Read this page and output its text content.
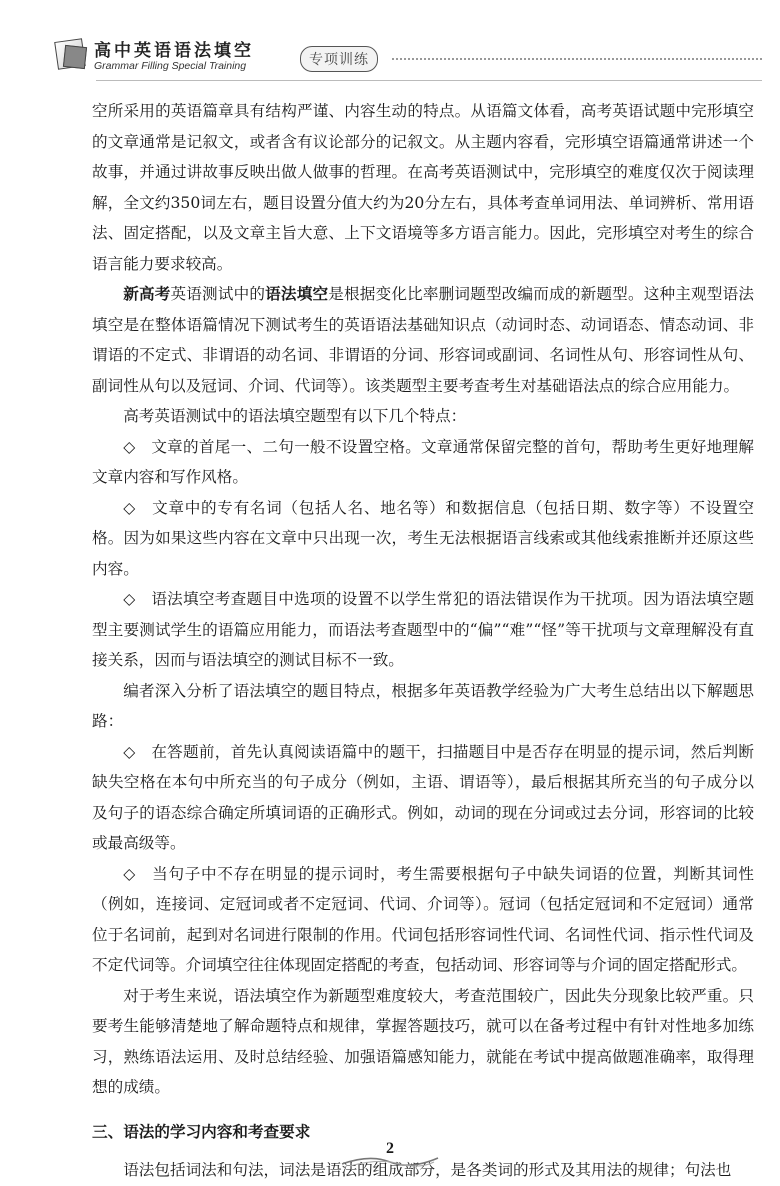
高中英语语法填空
Grammar Filling Special Training	专项训练

空所采用的英语篇章具有结构严谨、内容生动的特点。从语篇文体看，高考英语试题中完形填空的文章通常是记叙文，或者含有议论部分的记叙文。从主题内容看，完形填空语篇通常讲述一个故事，并通过讲故事反映出做人做事的哲理。在高考英语测试中，完形填空的难度仅次于阅读理解，全文约350词左右，题目设置分值大约为20分左右，具体考查单词用法、单词辨析、常用语法、固定搭配，以及文章主旨大意、上下文语境等多方语言能力。因此，完形填空对考生的综合语言能力要求较高。

新高考英语测试中的语法填空是根据变化比率删词题型改编而成的新题型。这种主观型语法填空是在整体语篇情况下测试考生的英语语法基础知识点（动词时态、动词语态、情态动词、非谓语的不定式、非谓语的动名词、非谓语的分词、形容词或副词、名词性从句、形容词性从句、副词性从句以及冠词、介词、代词等）。该类题型主要考查考生对基础语法点的综合应用能力。

高考英语测试中的语法填空题型有以下几个特点：

◇　文章的首尾一、二句一般不设置空格。文章通常保留完整的首句，帮助考生更好地理解文章内容和写作风格。

◇　文章中的专有名词（包括人名、地名等）和数据信息（包括日期、数字等）不设置空格。因为如果这些内容在文章中只出现一次，考生无法根据语言线索或其他线索推断并还原这些内容。

◇　语法填空考查题目中选项的设置不以学生常犯的语法错误作为干扰项。因为语法填空题型主要测试学生的语篇应用能力，而语法考查题型中的“偏”“难”“怪”等干扰项与文章理解没有直接关系，因而与语法填空的测试目标不一致。

编者深入分析了语法填空的题目特点，根据多年英语教学经验为广大考生总结出以下解题思路：

◇　在答题前，首先认真阅读语篇中的题干，扫描题目中是否存在明显的提示词，然后判断缺失空格在本句中所充当的句子成分（例如，主语、谓语等），最后根据其所充当的句子成分以及句子的语态综合确定所填词语的正确形式。例如，动词的现在分词或过去分词，形容词的比较或最高级等。

◇　当句子中不存在明显的提示词时，考生需要根据句子中缺失词语的位置，判断其词性（例如，连接词、定冠词或者不定冠词、代词、介词等）。冠词（包括定冠词和不定冠词）通常位于名词前，起到对名词进行限制的作用。代词包括形容词性代词、名词性代词、指示性代词及不定代词等。介词填空往往体现固定搭配的考查，包括动词、形容词等与介词的固定搭配形式。

对于考生来说，语法填空作为新题型难度较大，考查范围较广，因此失分现象比较严重。只要考生能够清楚地了解命题特点和规律，掌握答题技巧，就可以在备考过程中有针对性地多加练习，熟练语法运用、及时总结经验、加强语篇感知能力，就能在考试中提高做题准确率，取得理想的成绩。

三、语法的学习内容和考查要求

语法包括词法和句法，词法是语法的组成部分，是各类词的形式及其用法的规律；句法也

2
